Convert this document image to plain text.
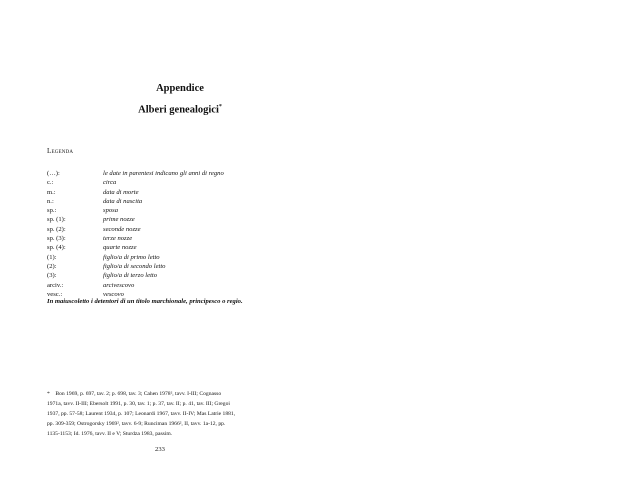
Appendice
Alberi genealogici*
Legenda
(…):	le date in parentesi indicano gli anni di regno
c.:	circa
m.:	data di morte
n.:	data di nascita
sp.:	sposa
sp. (1):	prime nozze
sp. (2):	seconde nozze
sp. (3):	terze nozze
sp. (4):	quarte nozze
(1):	figlio/a di primo letto
(2):	figlio/a di secondo letto
(3):	figlio/a di terzo letto
arciv.:	arcivescovo
vesc.:	vescovo
In maiuscoletto i detentori di un titolo marchionale, principesco o regio.
* Bon 1969, p. 697, tav. 2; p. 698, tav. 3; Cahen 1978², tavv. I-III; Cognasso
1971a, tavv. II-III; Ebersolt 1991, p. 30, tav. 1; p. 37, tav. II; p. 41, tav. III; Gregoi
1937, pp. 57-58; Laurent 1934, p. 107; Leonardi 1967, tavv. II-IV; Mas Latrie 1881,
pp. 309-359; Ostrogorsky 1969², tavv. 6-9; Runciman 1966², II, tavv. 1a-12, pp.
1135-1153; Id. 1976, tavv. II e V; Sturdza 1983, passim.
233
